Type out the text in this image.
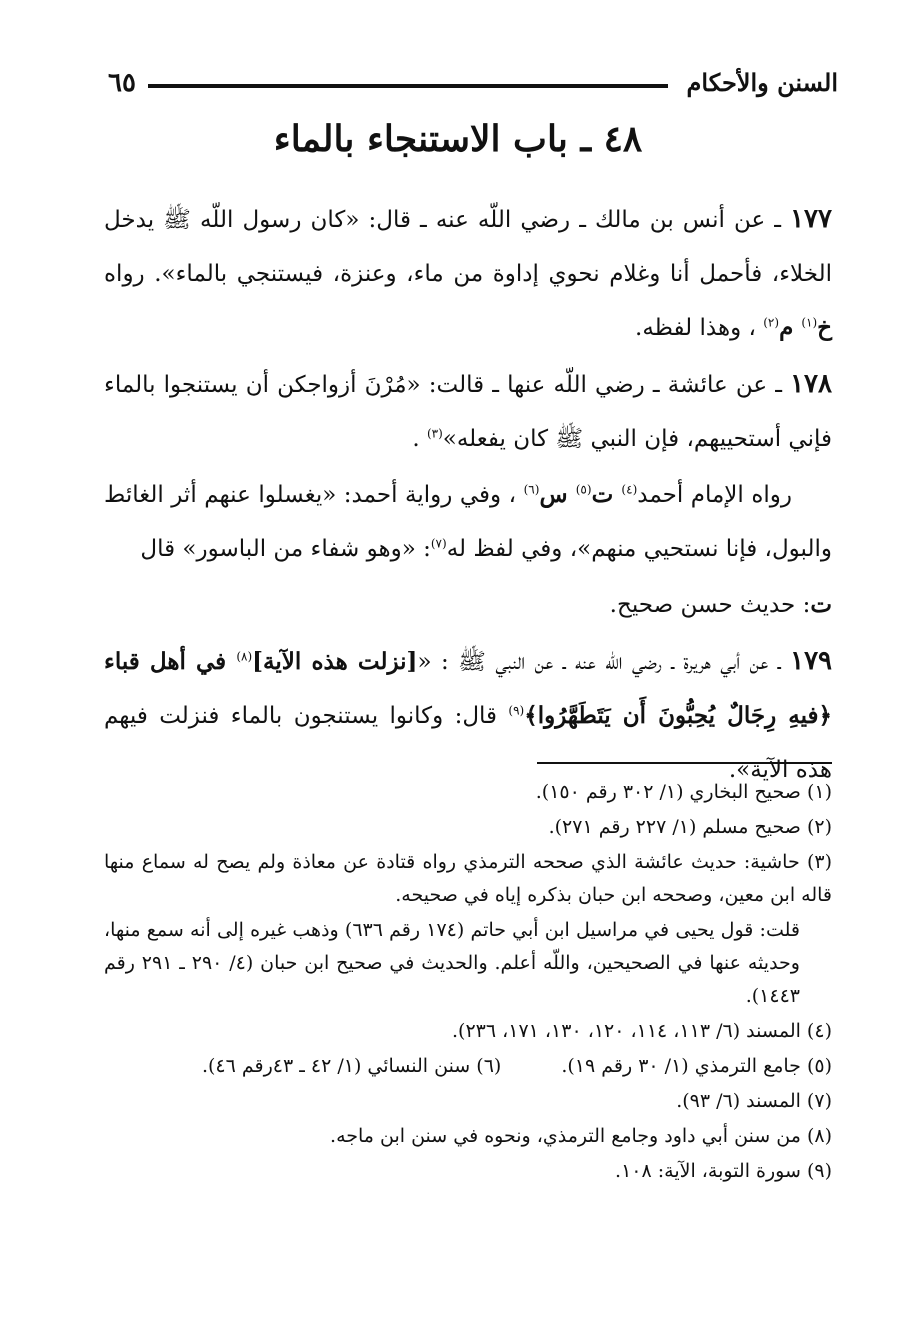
السنن والأحكام
٦٥
٤٨ ـ باب الاستنجاء بالماء

١٧٧ ـ عن أنس بن مالك ـ رضي اللّه عنه ـ قال: «كان رسول اللّه ﷺ يدخل الخلاء، فأحمل أنا وغلام نحوي إداوة من ماء، وعنزة، فيستنجي بالماء». رواه خ$^{(١)}$ م$^{(٢)}$ ، وهذا لفظه.

١٧٨ ـ عن عائشة ـ رضي اللّه عنها ـ قالت: «مُرْنَ أزواجكن أن يستنجوا بالماء فإني أستحييهم، فإن النبي ﷺ كان يفعله»$^{(٣)}$ .

رواه الإمام أحمد$^{(٤)}$ ت$^{(٥)}$ س$^{(٦)}$ ، وفي رواية أحمد: «يغسلوا عنهم أثر الغائط والبول، فإنا نستحيي منهم»، وفي لفظ له$^{(٧)}$: «وهو شفاء من الباسور» قال

ت: حديث حسن صحيح.

١٧٩ ـ عن أبي هريرة ـ رضي اللّه عنه ـ عن النبي ﷺ : «[نزلت هذه الآية]$^{(٨)}$ في أهل قباء ﴿فيهِ رِجَالٌ يُحِبُّونَ أَن يَتَطَهَّرُوا﴾$^{(٩)}$ قال: وكانوا يستنجون بالماء فنزلت فيهم هذه الآية».

(١) صحيح البخاري (١/ ٣٠٢ رقم ١٥٠).

(٢) صحيح مسلم (١/ ٢٢٧ رقم ٢٧١).

(٣) حاشية: حديث عائشة الذي صححه الترمذي رواه قتادة عن معاذة ولم يصح له سماع منها قاله ابن معين، وصححه ابن حبان بذكره إياه في صحيحه.

قلت: قول يحيى في مراسيل ابن أبي حاتم (١٧٤ رقم ٦٣٦) وذهب غيره إلى أنه سمع منها، وحديثه عنها في الصحيحين، واللّه أعلم. والحديث في صحيح ابن حبان (٤/ ٢٩٠ ـ ٢٩١ رقم ١٤٤٣).

(٤) المسند (٦/ ١١٣، ١١٤، ١٢٠، ١٣٠، ١٧١، ٢٣٦).

(٥) جامع الترمذي (١/ ٣٠ رقم ١٩).
(٦) سنن النسائي (١/ ٤٢ ـ ٤٣رقم ٤٦).

(٧) المسند (٦/ ٩٣).

(٨) من سنن أبي داود وجامع الترمذي، ونحوه في سنن ابن ماجه.

(٩) سورة التوبة، الآية: ١٠٨.
